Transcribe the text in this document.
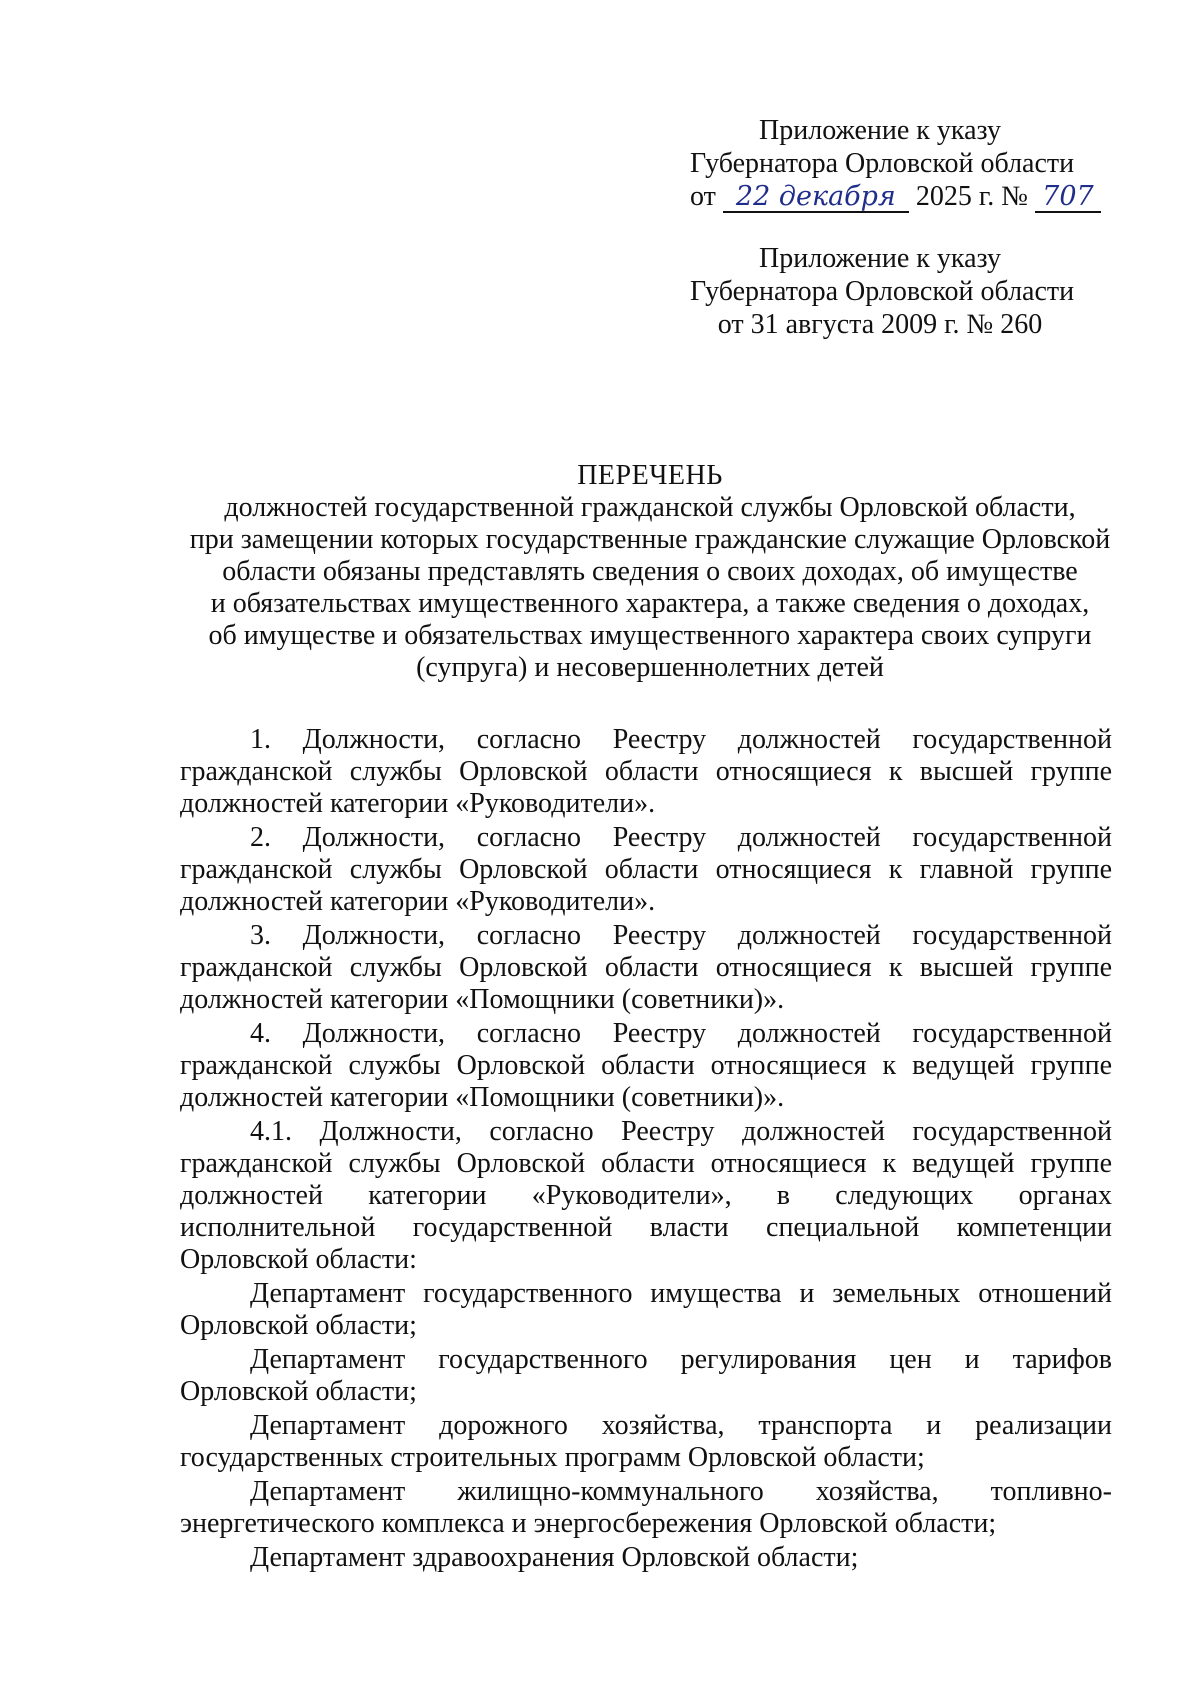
Приложение к указу
Губернатора Орловской области
от 22 декабря 2025 г. № 707
Приложение к указу
Губернатора Орловской области
от 31 августа 2009 г. № 260
ПЕРЕЧЕНЬ
должностей государственной гражданской службы Орловской области,
при замещении которых государственные гражданские служащие Орловской
области обязаны представлять сведения о своих доходах, об имуществе
и обязательствах имущественного характера, а также сведения о доходах,
об имуществе и обязательствах имущественного характера своих супруги
(супруга) и несовершеннолетних детей

1. Должности, согласно Реестру должностей государственной гражданской службы Орловской области относящиеся к высшей группе должностей категории «Руководители».

2. Должности, согласно Реестру должностей государственной гражданской службы Орловской области относящиеся к главной группе должностей категории «Руководители».

3. Должности, согласно Реестру должностей государственной гражданской службы Орловской области относящиеся к высшей группе должностей категории «Помощники (советники)».

4. Должности, согласно Реестру должностей государственной гражданской службы Орловской области относящиеся к ведущей группе должностей категории «Помощники (советники)».

4.1. Должности, согласно Реестру должностей государственной гражданской службы Орловской области относящиеся к ведущей группе должностей категории «Руководители», в следующих органах исполнительной государственной власти специальной компетенции Орловской области:

Департамент государственного имущества и земельных отношений Орловской области;

Департамент государственного регулирования цен и тарифов Орловской области;

Департамент дорожного хозяйства, транспорта и реализации государственных строительных программ Орловской области;

Департамент жилищно-коммунального хозяйства, топливно-энергетического комплекса и энергосбережения Орловской области;

Департамент здравоохранения Орловской области;
